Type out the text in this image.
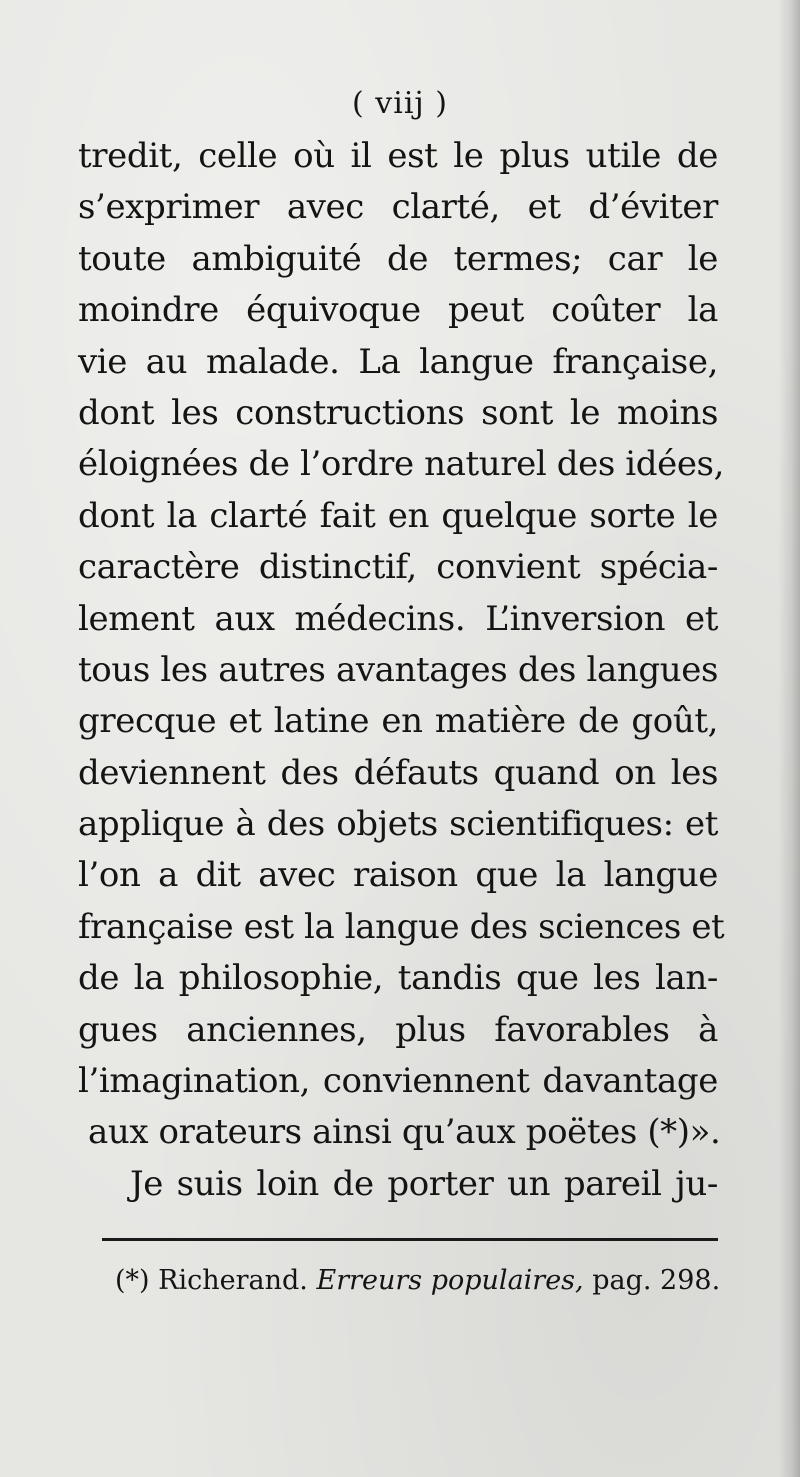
( viij )
tredit, celle où il est le plus utile de
s’exprimer avec clarté, et d’éviter
toute ambiguité de termes; car le
moindre équivoque peut coûter la
vie au malade. La langue française,
dont les constructions sont le moins
éloignées de l’ordre naturel des idées,
dont la clarté fait en quelque sorte le
caractère distinctif, convient spécia-
lement aux médecins. L’inversion et
tous les autres avantages des langues
grecque et latine en matière de goût,
deviennent des défauts quand on les
applique à des objets scientifiques: et
l’on a dit avec raison que la langue
française est la langue des sciences et
de la philosophie, tandis que les lan-
gues anciennes, plus favorables à
l’imagination, conviennent davantage
aux orateurs ainsi qu’aux poëtes (*)».
Je suis loin de porter un pareil ju-
(*) Richerand. Erreurs populaires, pag. 298.
